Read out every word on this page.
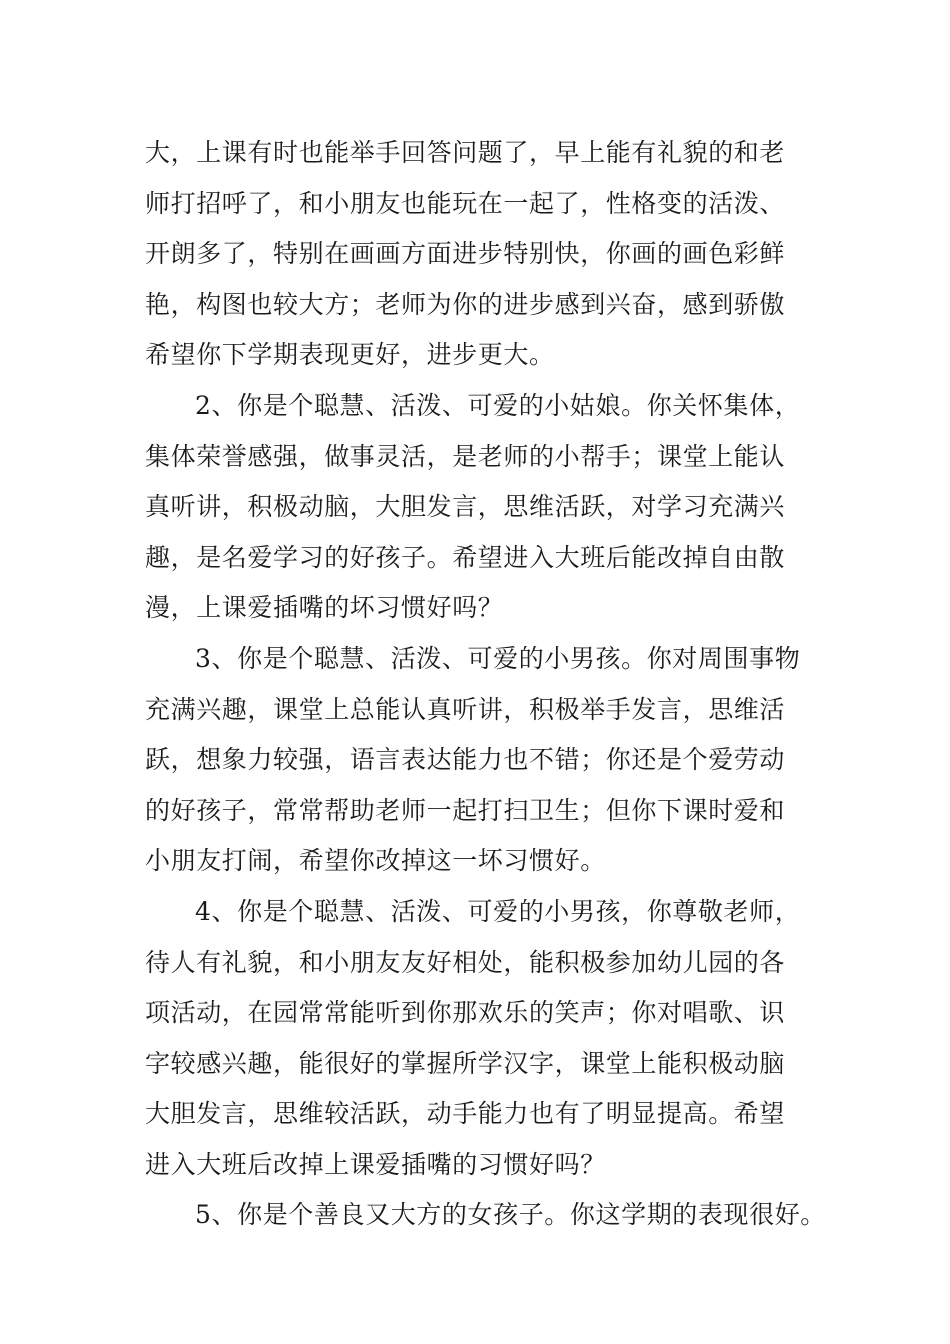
大，上课有时也能举手回答问题了，早上能有礼貌的和老
师打招呼了，和小朋友也能玩在一起了，性格变的活泼、
开朗多了，特别在画画方面进步特别快，你画的画色彩鲜
艳，构图也较大方；老师为你的进步感到兴奋，感到骄傲
希望你下学期表现更好，进步更大。
2、你是个聪慧、活泼、可爱的小姑娘。你关怀集体，
集体荣誉感强，做事灵活，是老师的小帮手；课堂上能认
真听讲，积极动脑，大胆发言，思维活跃，对学习充满兴
趣，是名爱学习的好孩子。希望进入大班后能改掉自由散
漫，上课爱插嘴的坏习惯好吗？
3、你是个聪慧、活泼、可爱的小男孩。你对周围事物
充满兴趣，课堂上总能认真听讲，积极举手发言，思维活
跃，想象力较强，语言表达能力也不错；你还是个爱劳动
的好孩子，常常帮助老师一起打扫卫生；但你下课时爱和
小朋友打闹，希望你改掉这一坏习惯好。
4、你是个聪慧、活泼、可爱的小男孩，你尊敬老师，
待人有礼貌，和小朋友友好相处，能积极参加幼儿园的各
项活动，在园常常能听到你那欢乐的笑声；你对唱歌、识
字较感兴趣，能很好的掌握所学汉字，课堂上能积极动脑
大胆发言，思维较活跃，动手能力也有了明显提高。希望
进入大班后改掉上课爱插嘴的习惯好吗？
5、你是个善良又大方的女孩子。你这学期的表现很好。
